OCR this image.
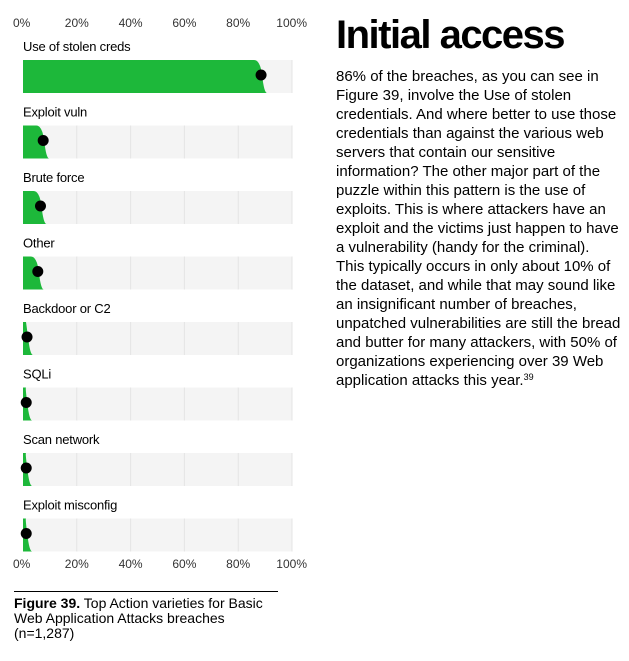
0%
0%
20%
20%
40%
40%
60%
60%
80%
80%
100%
100%
Use of stolen creds
Exploit vuln
Brute force
Other
Backdoor or C2
SQLi
Scan network
Exploit misconfig
Figure 39. Top Action varieties for Basic Web Application Attacks breaches (n=1,287)
Initial access

86% of the breaches, as you can see in Figure 39, involve the Use of stolen credentials. And where better to use those credentials than against the various web servers that contain our sensitive information? The other major part of the puzzle within this pattern is the use of exploits. This is where attackers have an exploit and the victims just happen to have a vulnerability (handy for the criminal). This typically occurs in only about 10% of the dataset, and while that may sound like an insignificant number of breaches, unpatched vulnerabilities are still the bread and butter for many attackers, with 50% of organizations experiencing over 39 Web application attacks this year.$^{39}$
